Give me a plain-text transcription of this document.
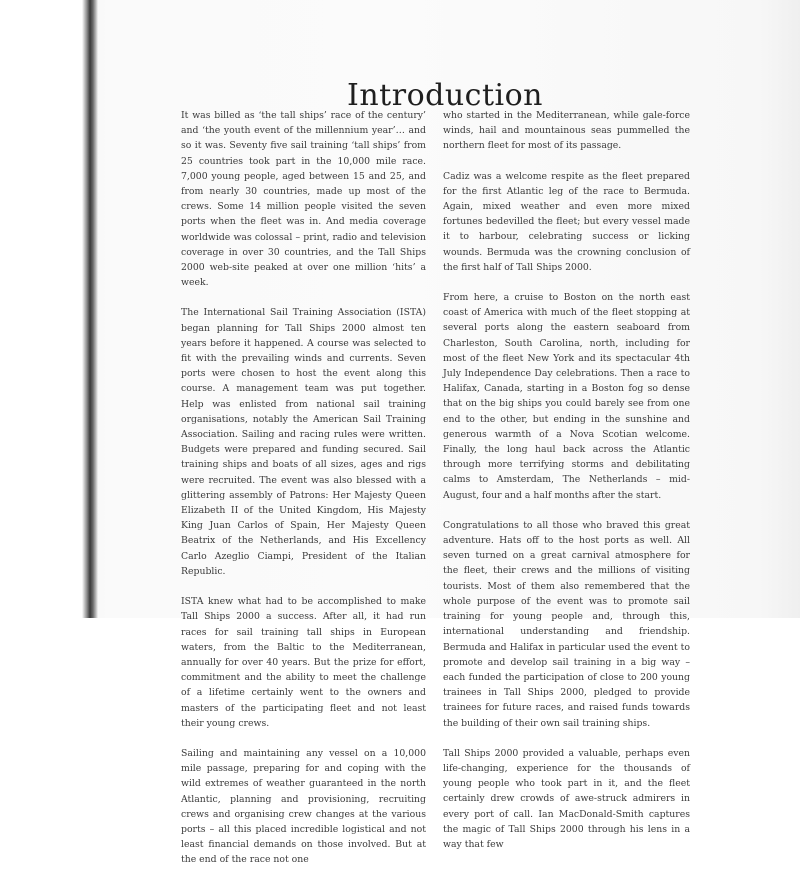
Introduction

It was billed as ‘the tall ships’ race of the century’ and ‘the youth event of the millennium year’… and so it was. Seventy five sail training ‘tall ships’ from 25 countries took part in the 10,000 mile race. 7,000 young people, aged between 15 and 25, and from nearly 30 countries, made up most of the crews. Some 14 million people visited the seven ports when the fleet was in. And media coverage worldwide was colossal – print, radio and television coverage in over 30 countries, and the Tall Ships 2000 web-site peaked at over one million ‘hits’ a week.

The International Sail Training Association (ISTA) began planning for Tall Ships 2000 almost ten years before it happened. A course was selected to fit with the prevailing winds and currents. Seven ports were chosen to host the event along this course. A management team was put together. Help was enlisted from national sail training organisations, notably the American Sail Training Association. Sailing and racing rules were written. Budgets were prepared and funding secured. Sail training ships and boats of all sizes, ages and rigs were recruited. The event was also blessed with a glittering assembly of Patrons: Her Majesty Queen Elizabeth II of the United Kingdom, His Majesty King Juan Carlos of Spain, Her Majesty Queen Beatrix of the Netherlands, and His Excellency Carlo Azeglio Ciampi, President of the Italian Republic.

ISTA knew what had to be accomplished to make Tall Ships 2000 a success. After all, it had run races for sail training tall ships in European waters, from the Baltic to the Mediterranean, annually for over 40 years. But the prize for effort, commitment and the ability to meet the challenge of a lifetime certainly went to the owners and masters of the participating fleet and not least their young crews.

Sailing and maintaining any vessel on a 10,000 mile passage, preparing for and coping with the wild extremes of weather guaranteed in the north Atlantic, planning and provisioning, recruiting crews and organising crew changes at the various ports – all this placed incredible logistical and not least financial demands on those involved. But at the end of the race not one

who started in the Mediterranean, while gale-force winds, hail and mountainous seas pummelled the northern fleet for most of its passage.

Cadiz was a welcome respite as the fleet prepared for the first Atlantic leg of the race to Bermuda. Again, mixed weather and even more mixed fortunes bedevilled the fleet; but every vessel made it to harbour, celebrating success or licking wounds. Bermuda was the crowning conclusion of the first half of Tall Ships 2000.

From here, a cruise to Boston on the north east coast of America with much of the fleet stopping at several ports along the eastern seaboard from Charleston, South Carolina, north, including for most of the fleet New York and its spectacular 4th July Independence Day celebrations. Then a race to Halifax, Canada, starting in a Boston fog so dense that on the big ships you could barely see from one end to the other, but ending in the sunshine and generous warmth of a Nova Scotian welcome. Finally, the long haul back across the Atlantic through more terrifying storms and debilitating calms to Amsterdam, The Netherlands – mid-August, four and a half months after the start.

Congratulations to all those who braved this great adventure. Hats off to the host ports as well. All seven turned on a great carnival atmosphere for the fleet, their crews and the millions of visiting tourists. Most of them also remembered that the whole purpose of the event was to promote sail training for young people and, through this, international understanding and friendship. Bermuda and Halifax in particular used the event to promote and develop sail training in a big way – each funded the participation of close to 200 young trainees in Tall Ships 2000, pledged to provide trainees for future races, and raised funds towards the building of their own sail training ships.

Tall Ships 2000 provided a valuable, perhaps even life-changing, experience for the thousands of young people who took part in it, and the fleet certainly drew crowds of awe-struck admirers in every port of call. Ian MacDonald-Smith captures the magic of Tall Ships 2000 through his lens in a way that few
